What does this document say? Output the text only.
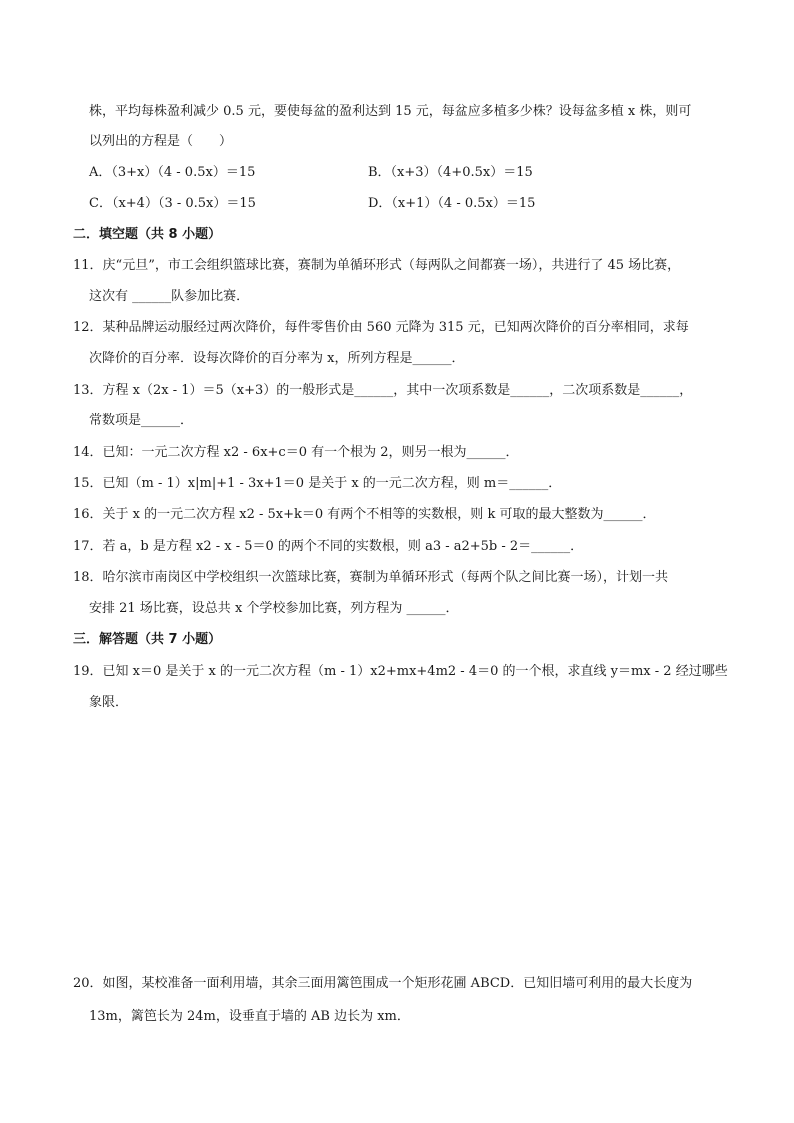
株，平均每株盈利减少 0.5 元，要使每盆的盈利达到 15 元，每盆应多植多少株？设每盆多植 x 株，则可
以列出的方程是（　　）
A．（3+x）（4 - 0.5x）＝15	B．（x+3）（4+0.5x）＝15
C．（x+4）（3 - 0.5x）＝15	D．（x+1）（4 - 0.5x）＝15
二．填空题（共 8 小题）
11．庆“元旦”，市工会组织篮球比赛，赛制为单循环形式（每两队之间都赛一场），共进行了 45 场比赛，
这次有 ______队参加比赛．
12．某种品牌运动服经过两次降价，每件零售价由 560 元降为 315 元，已知两次降价的百分率相同，求每
次降价的百分率．设每次降价的百分率为 x，所列方程是______．
13．方程 x（2x - 1）＝5（x+3）的一般形式是______，其中一次项系数是______，二次项系数是______，
常数项是______．
14．已知：一元二次方程 x2 - 6x+c＝0 有一个根为 2，则另一根为______．
15．已知（m - 1）x|m|+1 - 3x+1＝0 是关于 x 的一元二次方程，则 m＝______．
16．关于 x 的一元二次方程 x2 - 5x+k＝0 有两个不相等的实数根，则 k 可取的最大整数为______．
17．若 a，b 是方程 x2 - x - 5＝0 的两个不同的实数根，则 a3 - a2+5b - 2＝______．
18．哈尔滨市南岗区中学校组织一次篮球比赛，赛制为单循环形式（每两个队之间比赛一场），计划一共
安排 21 场比赛，设总共 x 个学校参加比赛，列方程为 ______．
三．解答题（共 7 小题）
19．已知 x＝0 是关于 x 的一元二次方程（m - 1）x2+mx+4m2 - 4＝0 的一个根，求直线 y＝mx - 2 经过哪些
象限．
20．如图，某校准备一面利用墙，其余三面用篱笆围成一个矩形花圃 ABCD．已知旧墙可利用的最大长度为
13m，篱笆长为 24m，设垂直于墙的 AB 边长为 xm．
